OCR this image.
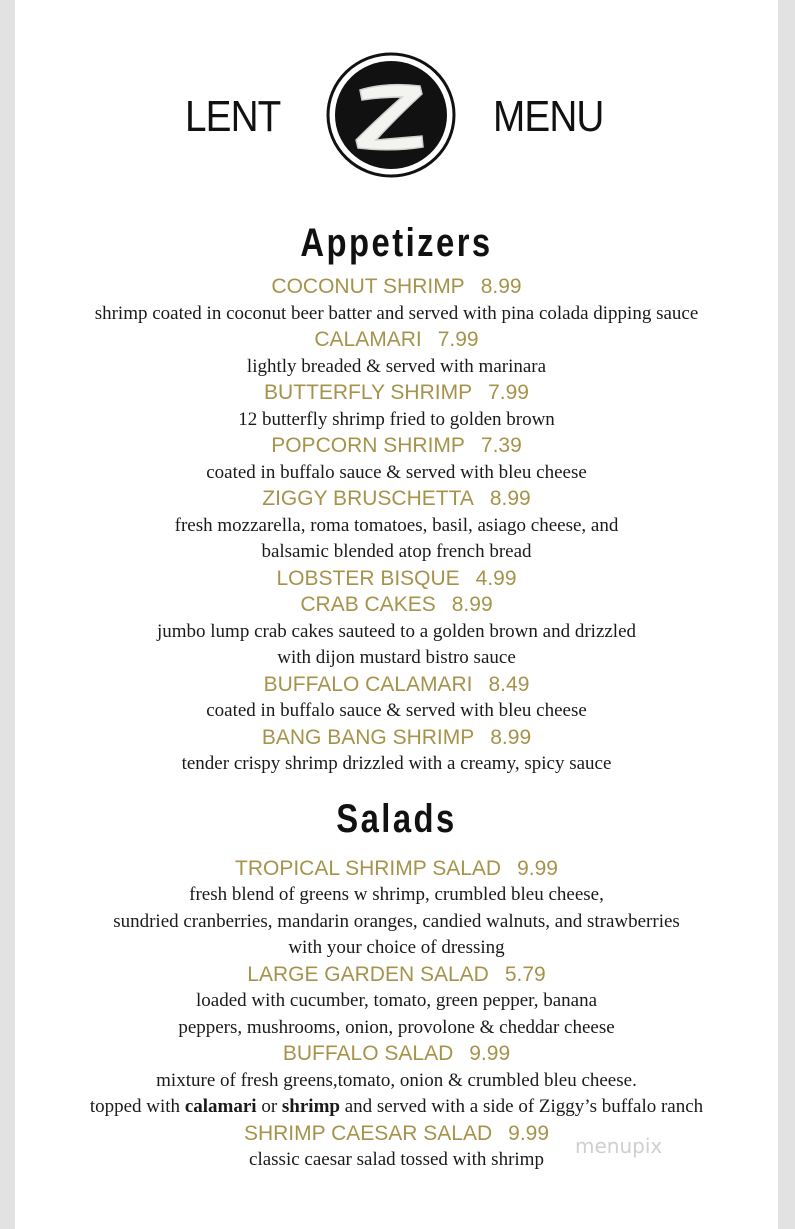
LENT	MENU
Appetizers
COCONUT SHRIMP 8.99
shrimp coated in coconut beer batter and served with pina colada dipping sauce
CALAMARI 7.99
lightly breaded & served with marinara
BUTTERFLY SHRIMP 7.99
12 butterfly shrimp fried to golden brown
POPCORN SHRIMP 7.39
coated in buffalo sauce & served with bleu cheese
ZIGGY BRUSCHETTA 8.99
fresh mozzarella, roma tomatoes, basil, asiago cheese, and
balsamic blended atop french bread
LOBSTER BISQUE 4.99
CRAB CAKES 8.99
jumbo lump crab cakes sauteed to a golden brown and drizzled
with dijon mustard bistro sauce
BUFFALO CALAMARI 8.49
coated in buffalo sauce & served with bleu cheese
BANG BANG SHRIMP 8.99
tender crispy shrimp drizzled with a creamy, spicy sauce
Salads
TROPICAL SHRIMP SALAD 9.99
fresh blend of greens w shrimp, crumbled bleu cheese,
sundried cranberries, mandarin oranges, candied walnuts, and strawberries
with your choice of dressing
LARGE GARDEN SALAD 5.79
loaded with cucumber, tomato, green pepper, banana
peppers, mushrooms, onion, provolone & cheddar cheese
BUFFALO SALAD 9.99
mixture of fresh greens,tomato, onion & crumbled bleu cheese.
topped with calamari or shrimp and served with a side of Ziggy’s buffalo ranch
SHRIMP CAESAR SALAD 9.99
classic caesar salad tossed with shrimp
menupix
